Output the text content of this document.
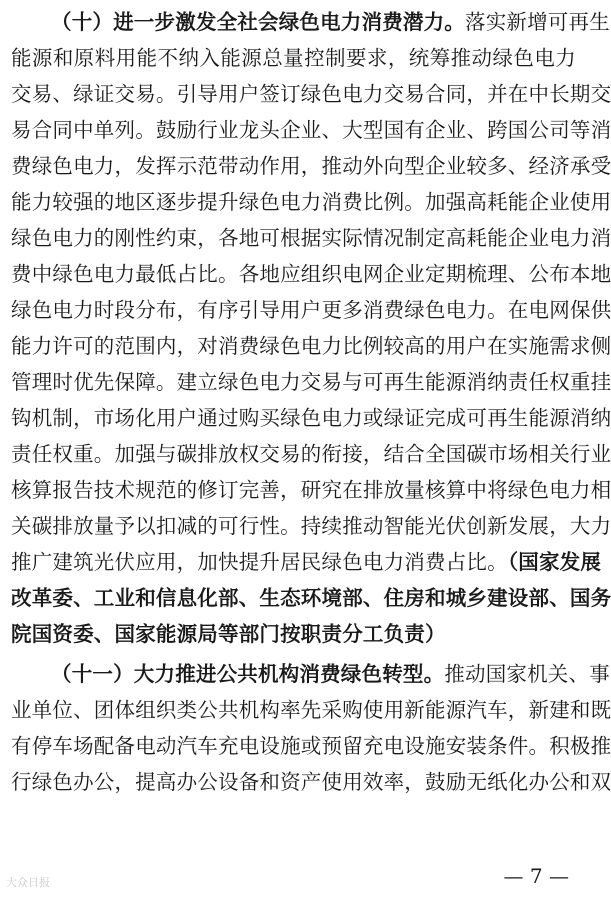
（十）进一步激发全社会绿色电力消费潜力。落实新增可再生
能源和原料用能不纳入能源总量控制要求，统筹推动绿色电力
交易、绿证交易。引导用户签订绿色电力交易合同，并在中长期交
易合同中单列。鼓励行业龙头企业、大型国有企业、跨国公司等消
费绿色电力，发挥示范带动作用，推动外向型企业较多、经济承受
能力较强的地区逐步提升绿色电力消费比例。加强高耗能企业使用
绿色电力的刚性约束，各地可根据实际情况制定高耗能企业电力消
费中绿色电力最低占比。各地应组织电网企业定期梳理、公布本地
绿色电力时段分布，有序引导用户更多消费绿色电力。在电网保供
能力许可的范围内，对消费绿色电力比例较高的用户在实施需求侧
管理时优先保障。建立绿色电力交易与可再生能源消纳责任权重挂
钩机制，市场化用户通过购买绿色电力或绿证完成可再生能源消纳
责任权重。加强与碳排放权交易的衔接，结合全国碳市场相关行业
核算报告技术规范的修订完善，研究在排放量核算中将绿色电力相
关碳排放量予以扣减的可行性。持续推动智能光伏创新发展，大力
推广建筑光伏应用，加快提升居民绿色电力消费占比。（国家发展
改革委、工业和信息化部、生态环境部、住房和城乡建设部、国务
院国资委、国家能源局等部门按职责分工负责）
（十一）大力推进公共机构消费绿色转型。推动国家机关、事
业单位、团体组织类公共机构率先采购使用新能源汽车，新建和既
有停车场配备电动汽车充电设施或预留充电设施安装条件。积极推
行绿色办公，提高办公设备和资产使用效率，鼓励无纸化办公和双
— 7 —
大众日报
